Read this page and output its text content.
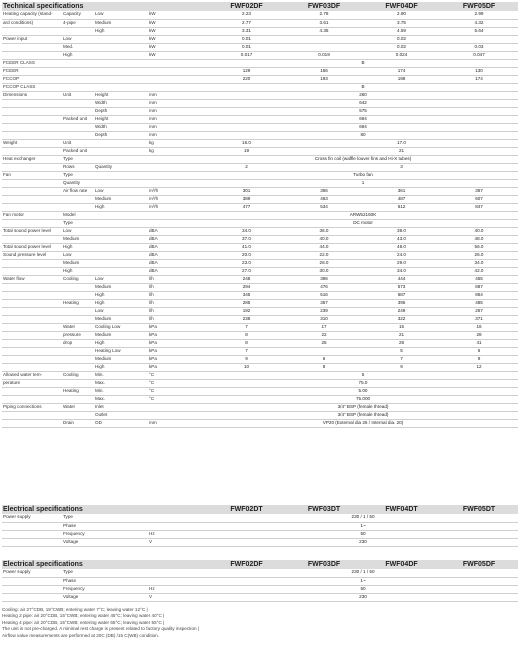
Technical specifications				FWF02DF	FWF03DF	FWF04DF	FWF05DF
Heating capacity (stand-	Capacity	Low	kW	2.23	2.78	2.90	2.99
ard conditions)	4-pipe	Medium	kW	2.77	3.61	3.75	4.32
		High	kW	3.31	4.35	4.59	5.64
Power input	Low		kW	0.01		0.02	
	Med.		kW	0.01		0.02	0.03
	High		kW	0.017	0.019	0.024	0.047
FCEER CLASS				B			
FCEER				129	156	174	130
FCCOP				220	193	198	174
FCCOP CLASS				B			
Dimensions	Unit	Height	mm	260			
		Width	mm	642			
		Depth	mm	575			
	Packed unit	Height	mm	694			
		Width	mm	694			
		Depth	mm	80			
Weight	Unit		kg	16.0		17.0	
	Packed unit		kg	19		21	
Heat exchanger	Type			Cross fin coil (waffle louver fins and Hi-X tubes)			
	Rows	Quantity		2		3	
Fan	Type			Turbo fan			
	Quantity			1			
	Air flow rate	Low	m³/h	301	356	361	367
		Medium	m³/h	389	463	487	607
		High	m³/h	477	534	612	847
Fan motor	Model			ARW52160K			
	Type			DC motor			
Total sound power level	Low		dBA	34.0	36.0	38.0	40.0
	Medium		dBA	37.0	40.0	43.0	48.0
Total sound power level	High		dBA	41.0	44.0	48.0	56.0
Sound pressure level	Low		dBA	20.0	22.0	24.0	26.0
	Medium		dBA	23.0	26.0	29.0	34.0
	High		dBA	27.0	30.0	34.0	42.0
Water flow	Cooling	Low	l/h	248	396	444	455
		Medium	l/h	294	476	573	687
		High	l/h	345	516	687	864
	Heating	High	l/h	285	357	395	485
		Low	l/h	192	239	249	257
		Medium	l/h	238	310	322	371
	Water	Cooling Low	kPa	7	17	15	16
	pressure	Medium	kPa	8	22	21	28
	drop	High	kPa	8	25	28	41
		Heating Low	kPa	7		5	6
		Medium	kPa	9	6	7	9
		High	kPa	10	8	9	12
Allowed water tem-	Cooling	Min.	°C	5			
perature		Max.	°C	75.0			
	Heating	Min.	°C	5.00			
		Max.	°C	75.000			
Piping connections	Water	Inlet		3/4" BSP (female thread)			
		Outlet		3/4" BSP (female thread)			
	Drain	OD	mm	VP20 (External dia 26 / Internal dia. 20)			
Electrical specifications				FWF02DT	FWF03DT	FWF04DT	FWF05DT
Power supply	Type			230 / 1 / 50			
	Phase			1~			
	Frequency		Hz	50			
	Voltage		V	230			
Electrical specifications				FWF02DF	FWF03DF	FWF04DF	FWF05DF
Power supply	Type			230 / 1 / 50			
	Phase			1~			
	Frequency		Hz	50			
	Voltage		V	230			
Cooling: air 27°CDB, 19°CWB; entering water 7°C; leaving water 12°C |
Heating 2 pipe: air 20°CDB, 15°CWB; entering water 45°C; leaving water 40°C |
Heating 4 pipe: air 20°CDB, 15°CWB; entering water 65°C; leaving water 55°C |
The unit is not pre-charged. A minimal rest charge is present related to factory quality inspection |
Airflow value measurements are performed at 20C (DB) /15 C(WB) condition.
